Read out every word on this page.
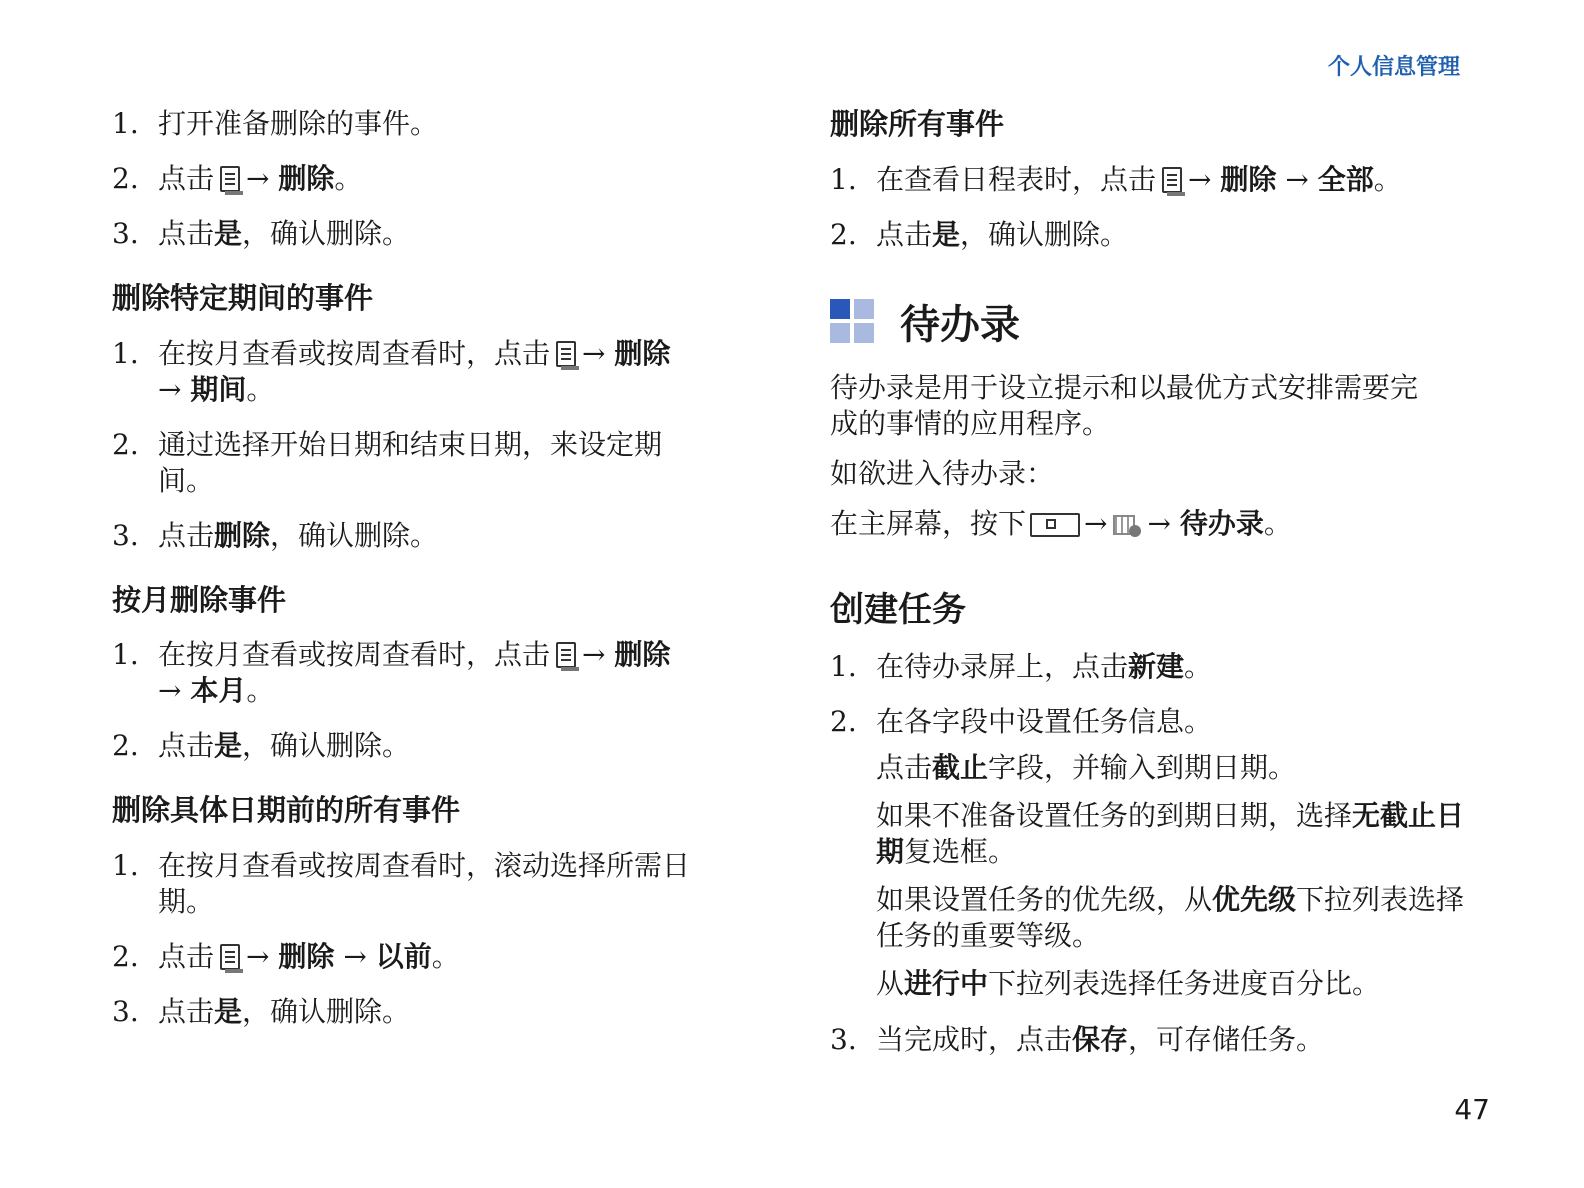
个人信息管理
1. 打开准备删除的事件。
2. 点击 → 删除。
3. 点击是，确认删除。
删除特定期间的事件
1. 在按月查看或按周查看时，点击 → 删除
→ 期间。
2. 通过选择开始日期和结束日期，来设定期间。
3. 点击删除，确认删除。
按月删除事件
1. 在按月查看或按周查看时，点击 → 删除
→ 本月。
2. 点击是，确认删除。
删除具体日期前的所有事件
1. 在按月查看或按周查看时，滚动选择所需日期。
2. 点击 → 删除 → 以前。
3. 点击是，确认删除。
删除所有事件
1. 在查看日程表时，点击 → 删除 → 全部。
2. 点击是，确认删除。
待办录

待办录是用于设立提示和以最优方式安排需要完成的事情的应用程序。

如欲进入待办录：

在主屏幕，按下 → → 待办录。

创建任务
1. 在待办录屏上，点击新建。
2. 在各字段中设置任务信息。
点击截止字段，并输入到期日期。
如果不准备设置任务的到期日期，选择无截止日期复选框。
如果设置任务的优先级，从优先级下拉列表选择任务的重要等级。
从进行中下拉列表选择任务进度百分比。
3. 当完成时，点击保存，可存储任务。
47
